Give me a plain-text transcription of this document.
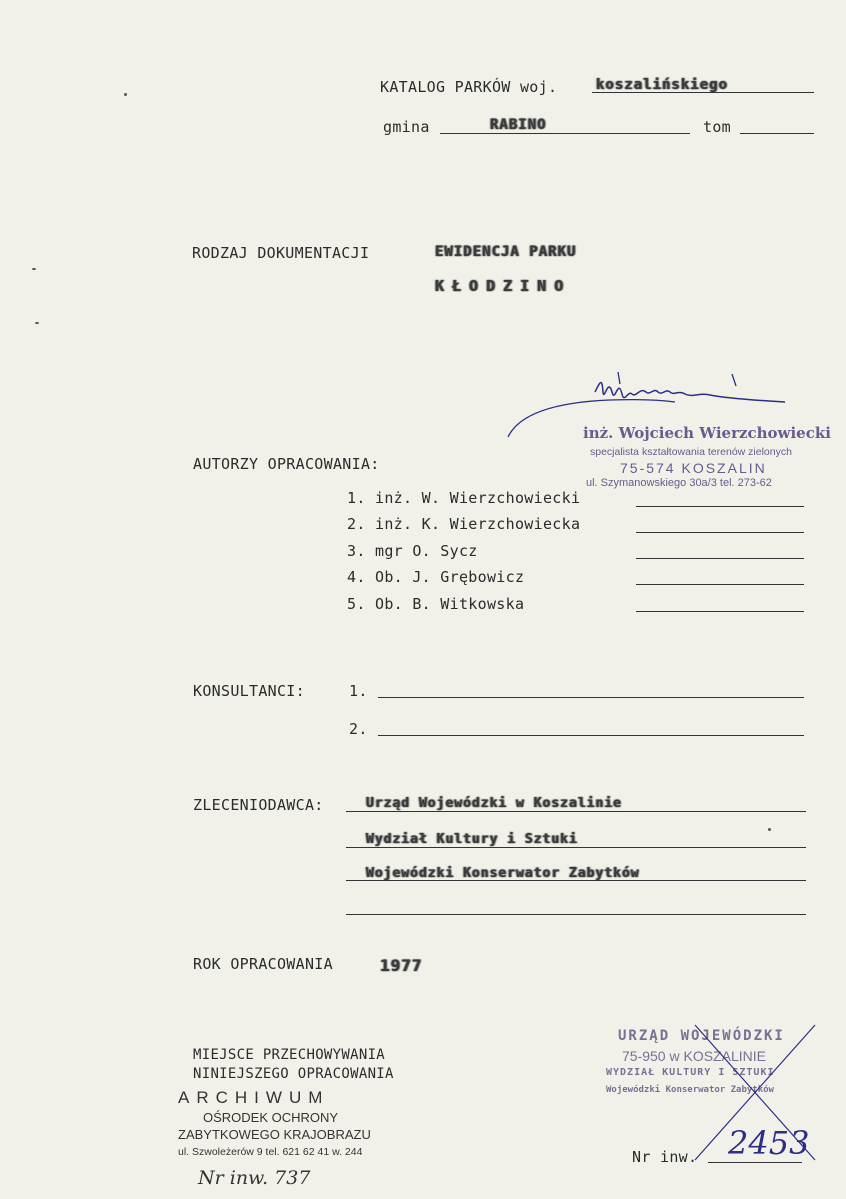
KATALOG PARKÓW woj.	koszalińskiego
gmina	RABINO	tom
RODZAJ DOKUMENTACJI	EWIDENCJA PARKU
KŁODZINO
inż. Wojciech Wierzchowiecki
specjalista kształtowania terenów zielonych
75-574 KOSZALIN
ul. Szymanowskiego 30a/3 tel. 273-62
AUTORZY OPRACOWANIA:
1. inż. W. Wierzchowiecki
2. inż. K. Wierzchowiecka
3. mgr O. Sycz
4. Ob. J. Grębowicz
5. Ob. B. Witkowska
KONSULTANCI:	1.
2.
ZLECENIODAWCA:	Urząd Wojewódzki w Koszalinie
Wydział Kultury i Sztuki
Wojewódzki Konserwator Zabytków
ROK OPRACOWANIA	1977
MIEJSCE PRZECHOWYWANIA
NINIEJSZEGO OPRACOWANIA
ARCHIWUM
OŚRODEK OCHRONY
ZABYTKOWEGO KRAJOBRAZU
ul. Szwoleżerów 9 tel. 621 62 41 w. 244
Nr inw. 737
URZĄD WOJEWÓDZKI
75-950 w KOSZALINIE
WYDZIAŁ KULTURY I SZTUKI
Wojewódzki Konserwator Zabytków
Nr inw. 2453
